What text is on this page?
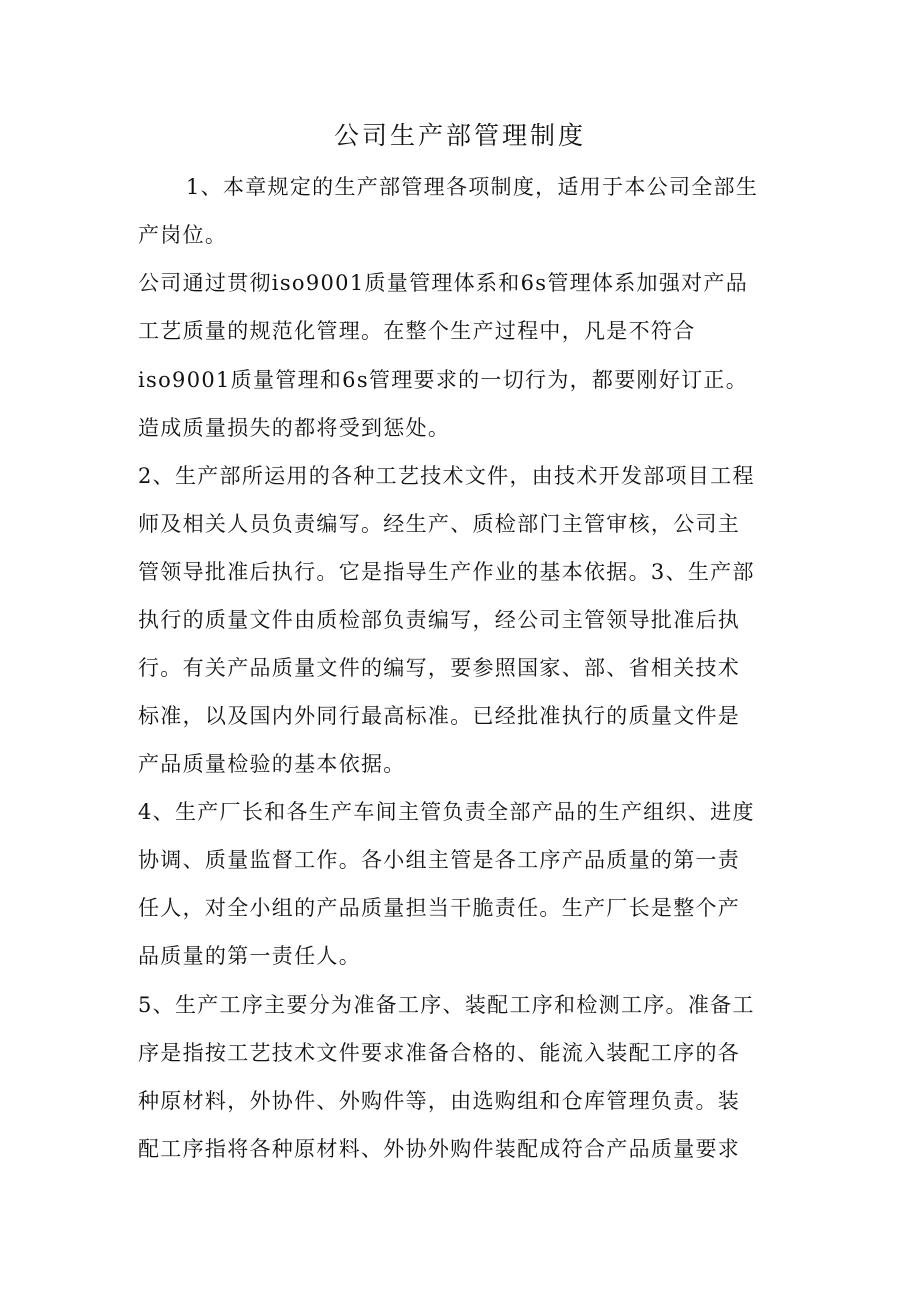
公司生产部管理制度
1、本章规定的生产部管理各项制度，适用于本公司全部生
产岗位。
公司通过贯彻iso9001质量管理体系和6s管理体系加强对产品
工艺质量的规范化管理。在整个生产过程中，凡是不符合
iso9001质量管理和6s管理要求的一切行为，都要刚好订正。
造成质量损失的都将受到惩处。
2、生产部所运用的各种工艺技术文件，由技术开发部项目工程
师及相关人员负责编写。经生产、质检部门主管审核，公司主
管领导批准后执行。它是指导生产作业的基本依据。3、生产部
执行的质量文件由质检部负责编写，经公司主管领导批准后执
行。有关产品质量文件的编写，要参照国家、部、省相关技术
标准，以及国内外同行最高标准。已经批准执行的质量文件是
产品质量检验的基本依据。
4、生产厂长和各生产车间主管负责全部产品的生产组织、进度
协调、质量监督工作。各小组主管是各工序产品质量的第一责
任人，对全小组的产品质量担当干脆责任。生产厂长是整个产
品质量的第一责任人。
5、生产工序主要分为准备工序、装配工序和检测工序。准备工
序是指按工艺技术文件要求准备合格的、能流入装配工序的各
种原材料，外协件、外购件等，由选购组和仓库管理负责。装
配工序指将各种原材料、外协外购件装配成符合产品质量要求
